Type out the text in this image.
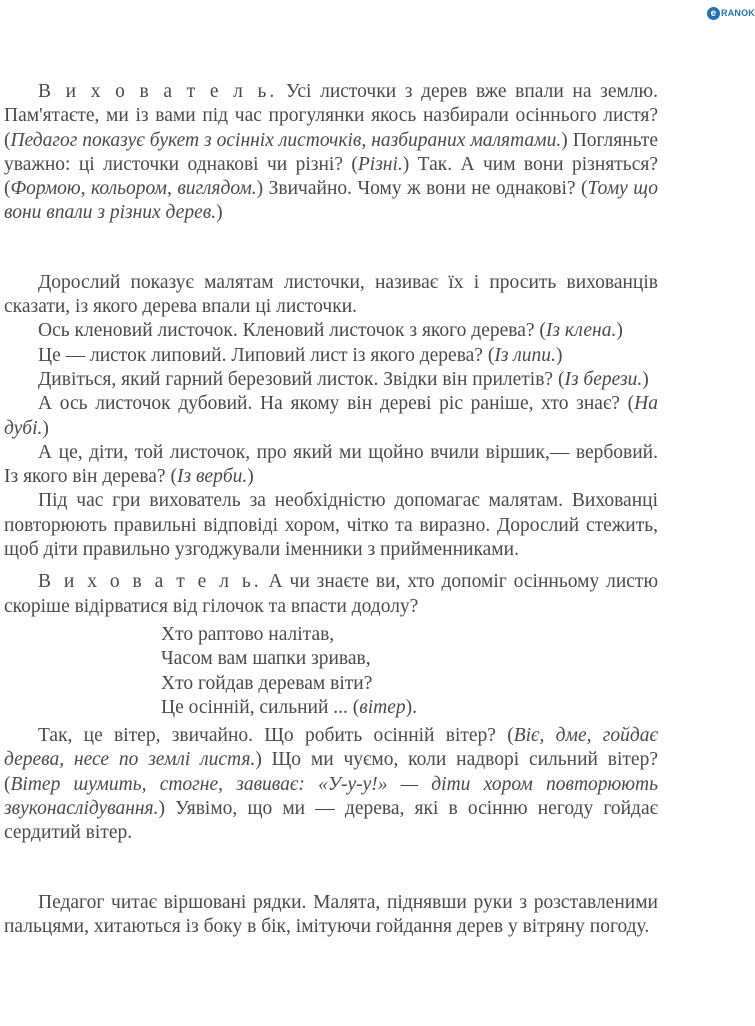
e RANOK

В и х о в а т е л ь. Усі листочки з дерев вже впали на землю. Пам'ятаєте, ми із вами під час прогулянки якось назбирали осіннього листя? (Педагог показує букет з осінніх листочків, назбираних малятами.) Погляньте уважно: ці листочки однакові чи різні? (Різні.) Так. А чим вони різняться? (Формою, кольором, виглядом.) Звичайно. Чому ж вони не однакові? (Тому що вони впали з різних дерев.)

Дорослий показує малятам листочки, називає їх і просить вихованців сказати, із якого дерева впали ці листочки.

Ось кленовий листочок. Кленовий листочок з якого дерева? (Із клена.)

Це — листок липовий. Липовий лист із якого дерева? (Із липи.)

Дивіться, який гарний березовий листок. Звідки він прилетів? (Із берези.)

А ось листочок дубовий. На якому він дереві ріс раніше, хто знає? (На дубі.)

А це, діти, той листочок, про який ми щойно вчили віршик,— вербовий. Із якого він дерева? (Із верби.)

Під час гри вихователь за необхідністю допомагає малятам. Вихованці повторюють правильні відповіді хором, чітко та виразно. Дорослий стежить, щоб діти правильно узгоджували іменники з прийменниками.

В и х о в а т е л ь. А чи знаєте ви, хто допоміг осінньому листю скоріше відірватися від гілочок та впасти додолу?

Хто раптово налітав,
Часом вам шапки зривав,
Хто гойдав деревам віти?
Це осінній, сильний ... (вітер).

Так, це вітер, звичайно. Що робить осінній вітер? (Віє, дме, гойдає дерева, несе по землі листя.) Що ми чуємо, коли надворі сильний вітер? (Вітер шумить, стогне, завиває: «У-у-у!» — діти хором повторюють звуконаслідування.) Уявімо, що ми — дерева, які в осінню негоду гойдає сердитий вітер.

Педагог читає віршовані рядки. Малята, піднявши руки з розставленими пальцями, хитаються із боку в бік, імітуючи гойдання дерев у вітряну погоду.
